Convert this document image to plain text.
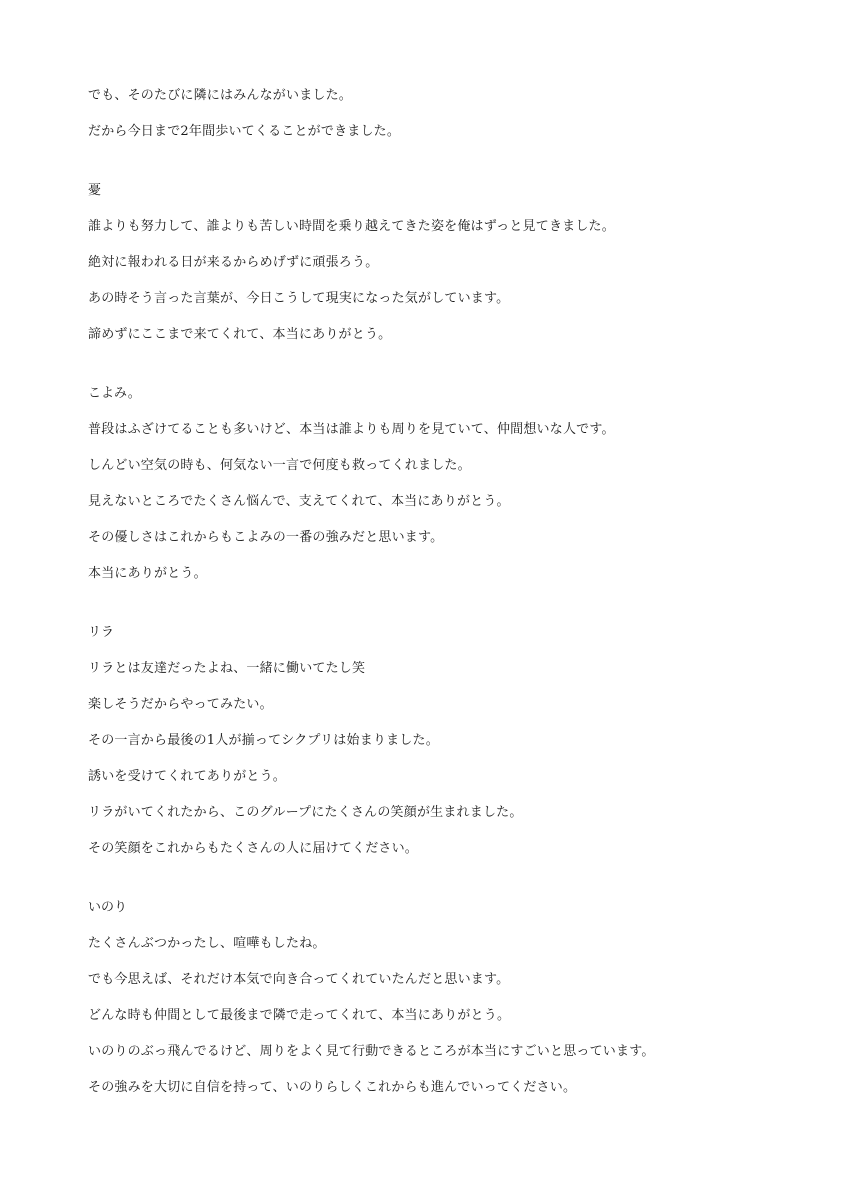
でも、そのたびに隣にはみんながいました。

だから今日まで2年間歩いてくることができました。

憂

誰よりも努力して、誰よりも苦しい時間を乗り越えてきた姿を俺はずっと見てきました。

絶対に報われる日が来るからめげずに頑張ろう。

あの時そう言った言葉が、今日こうして現実になった気がしています。

諦めずにここまで来てくれて、本当にありがとう。

こよみ。

普段はふざけてることも多いけど、本当は誰よりも周りを見ていて、仲間想いな人です。

しんどい空気の時も、何気ない一言で何度も救ってくれました。

見えないところでたくさん悩んで、支えてくれて、本当にありがとう。

その優しさはこれからもこよみの一番の強みだと思います。

本当にありがとう。

リラ

リラとは友達だったよね、一緒に働いてたし笑

楽しそうだからやってみたい。

その一言から最後の1人が揃ってシクプリは始まりました。

誘いを受けてくれてありがとう。

リラがいてくれたから、このグループにたくさんの笑顔が生まれました。

その笑顔をこれからもたくさんの人に届けてください。

いのり

たくさんぶつかったし、喧嘩もしたね。

でも今思えば、それだけ本気で向き合ってくれていたんだと思います。

どんな時も仲間として最後まで隣で走ってくれて、本当にありがとう。

いのりのぶっ飛んでるけど、周りをよく見て行動できるところが本当にすごいと思っています。

その強みを大切に自信を持って、いのりらしくこれからも進んでいってください。
